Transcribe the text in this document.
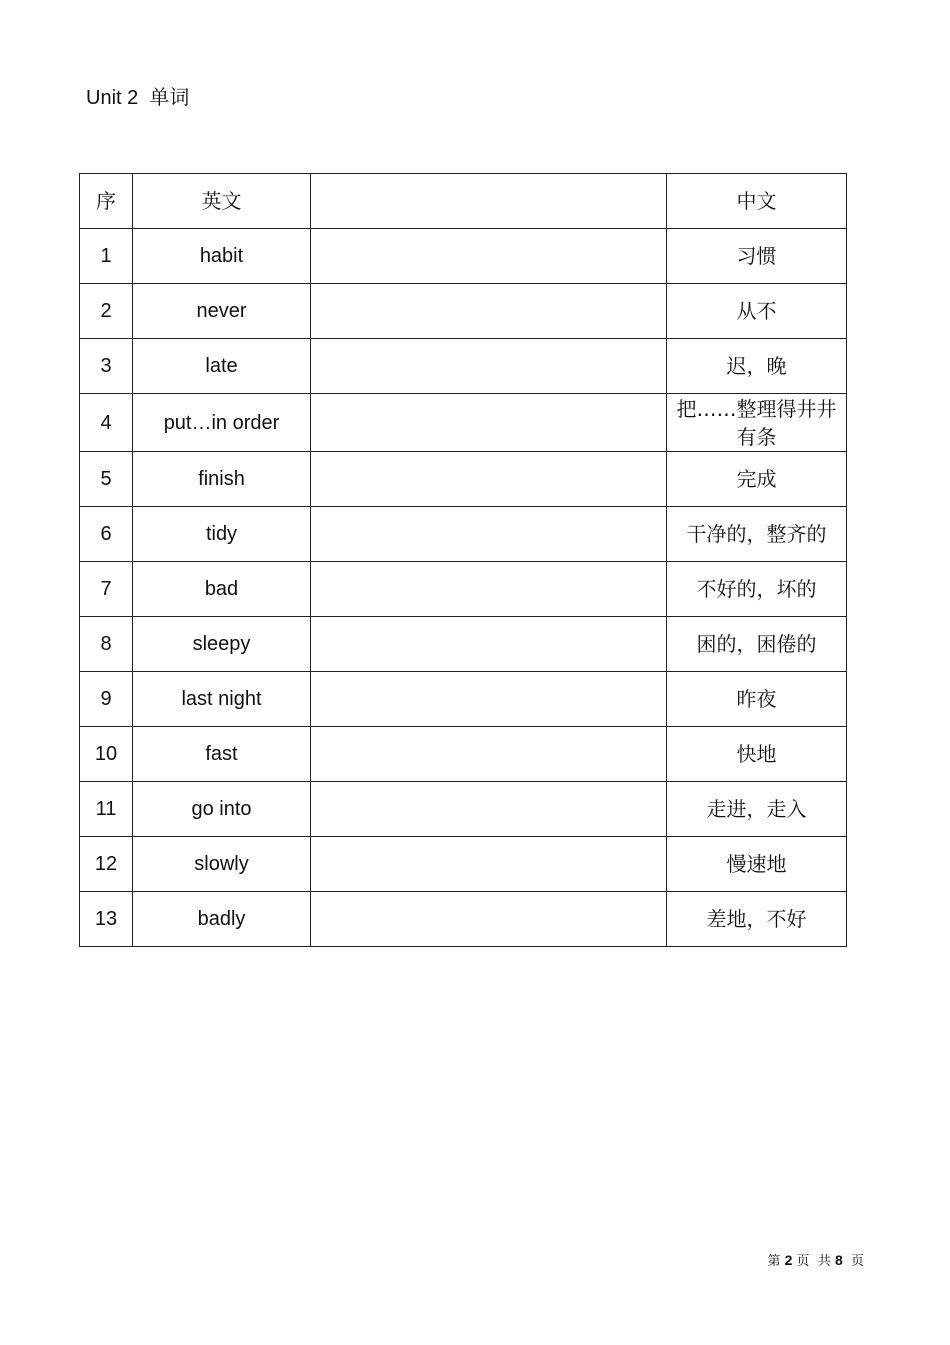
Unit 2  单词
序	英文		中文
1	habit		习惯
2	never		从不
3	late		迟，晚
4	put…in order		把……整理得井井有条
5	finish		完成
6	tidy		干净的，整齐的
7	bad		不好的，坏的
8	sleepy		困的，困倦的
9	last night		昨夜
10	fast		快地
11	go into		走进，走入
12	slowly		慢速地
13	badly		差地，不好
第 2 页  共 8  页
